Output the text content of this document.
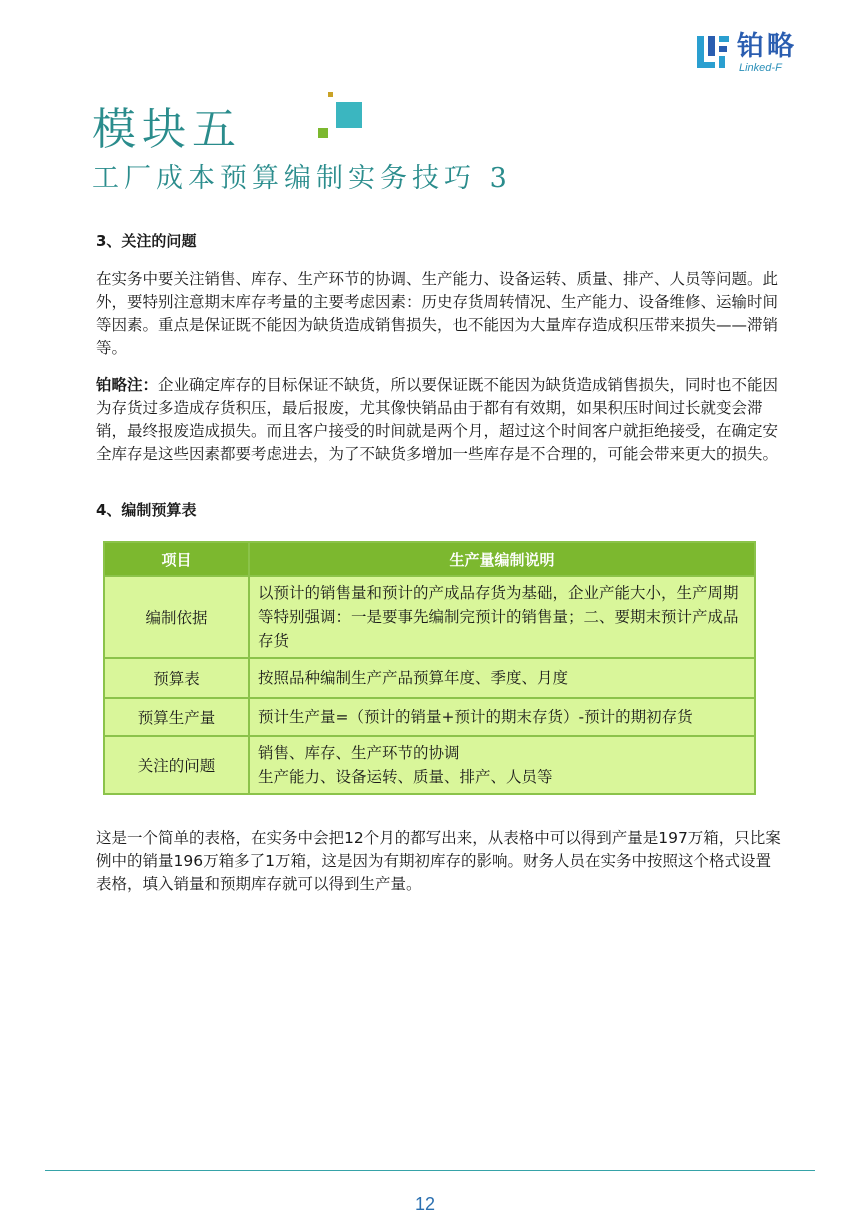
铂略
Linked-F
模块五
工厂成本预算编制实务技巧 3
3、关注的问题
在实务中要关注销售、库存、生产环节的协调、生产能力、设备运转、质量、排产、人员等问题。此外，要特别注意期末库存考量的主要考虑因素：历史存货周转情况、生产能力、设备维修、运输时间等因素。重点是保证既不能因为缺货造成销售损失，也不能因为大量库存造成积压带来损失——滞销等。
铂略注：企业确定库存的目标保证不缺货，所以要保证既不能因为缺货造成销售损失，同时也不能因为存货过多造成存货积压，最后报废，尤其像快销品由于都有有效期，如果积压时间过长就变会滞销，最终报废造成损失。而且客户接受的时间就是两个月，超过这个时间客户就拒绝接受，在确定安全库存是这些因素都要考虑进去，为了不缺货多增加一些库存是不合理的，可能会带来更大的损失。
4、编制预算表
项目	生产量编制说明
编制依据	以预计的销售量和预计的产成品存货为基础，企业产能大小，生产周期等特别强调：一是要事先编制完预计的销售量；二、要期末预计产成品存货
预算表	按照品种编制生产产品预算年度、季度、月度
预算生产量	预计生产量=（预计的销量+预计的期末存货）-预计的期初存货
关注的问题	销售、库存、生产环节的协调
生产能力、设备运转、质量、排产、人员等
这是一个简单的表格，在实务中会把12个月的都写出来，从表格中可以得到产量是197万箱，只比案例中的销量196万箱多了1万箱，这是因为有期初库存的影响。财务人员在实务中按照这个格式设置表格，填入销量和预期库存就可以得到生产量。
12
